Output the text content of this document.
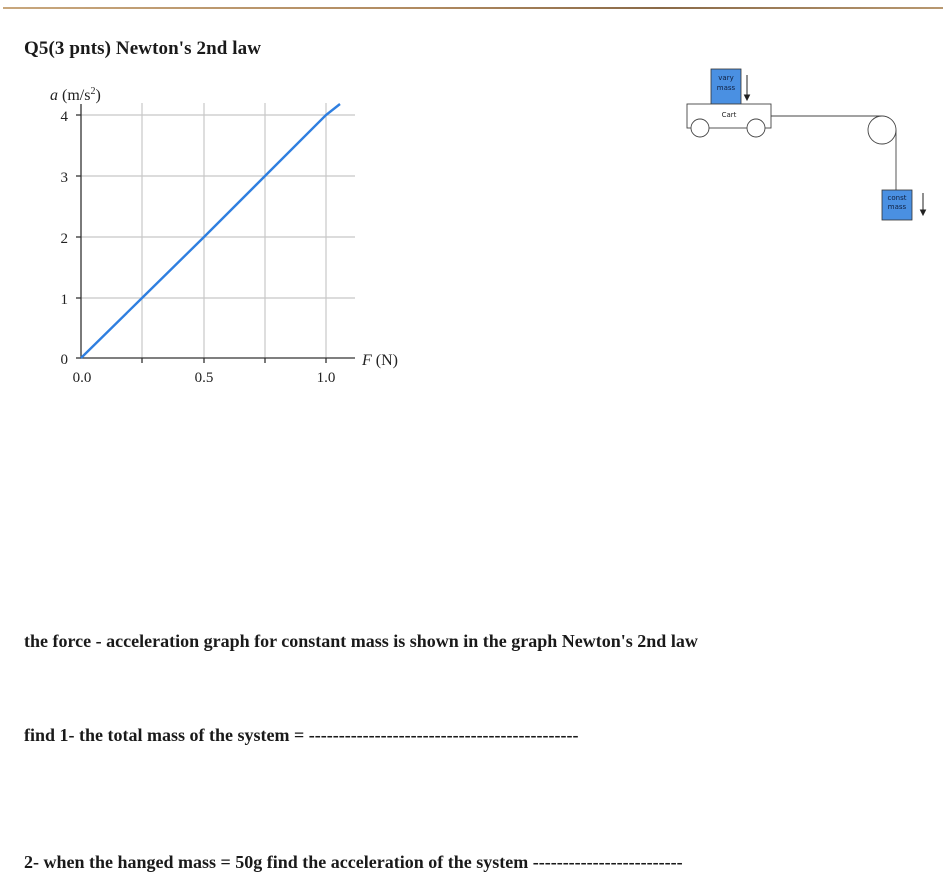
Q5(3 pnts) Newton's 2nd law
4
3
2
1
0
0.0	0.5	1.0
a $(m/s^2)$
F (N)
vary
mass
Cart
const
mass
the force - acceleration graph for constant mass is shown in the graph Newton's 2nd law
find 1- the total mass of the system = ---------------------------------------------
2- when the hanged mass = 50g find the acceleration of the system -------------------------
